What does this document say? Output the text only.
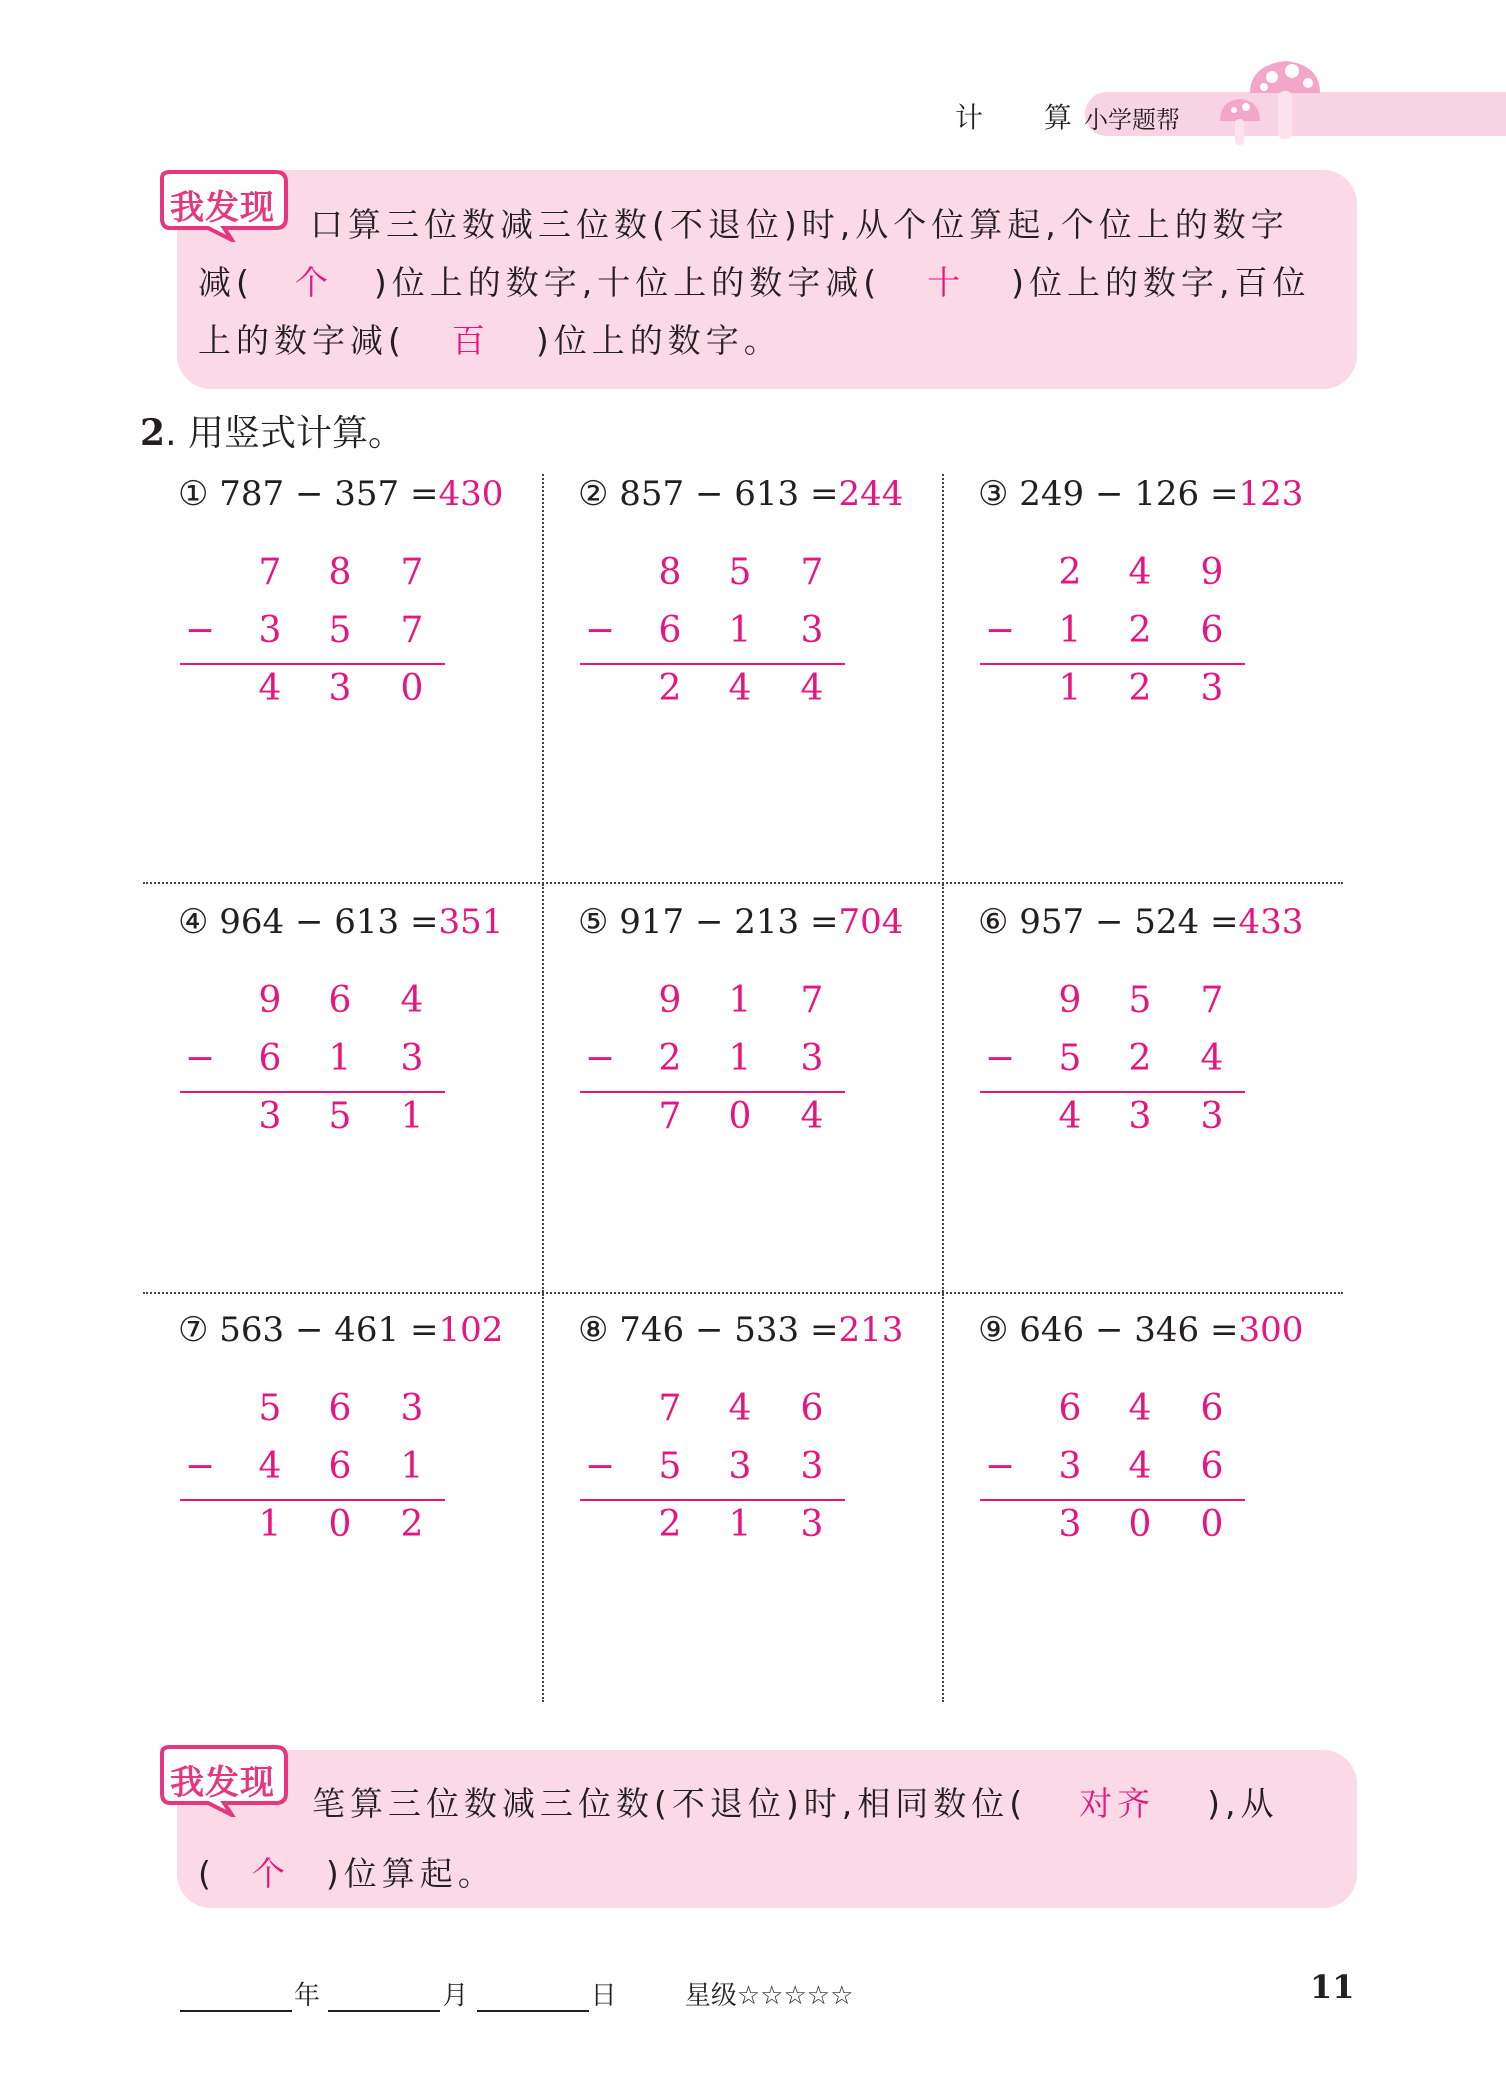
计 算
小学题帮
我发现 口算三位数减三位数(不退位)时,从个位算起,个位上的数字
减( 个 )位上的数字,十位上的数字减( 十 )位上的数字,百位
上的数字减( 百 )位上的数字。
2. 用竖式计算。
① 787 − 357 =430
7 8 7
− 3 5 7
4 3 0
② 857 − 613 =244
8 5 7
− 6 1 3
2 4 4
③ 249 − 126 =123
2 4 9
− 1 2 6
1 2 3
④ 964 − 613 =351
9 6 4
− 6 1 3
3 5 1
⑤ 917 − 213 =704
9 1 7
− 2 1 3
7 0 4
⑥ 957 − 524 =433
9 5 7
− 5 2 4
4 3 3
⑦ 563 − 461 =102
5 6 3
− 4 6 1
1 0 2
⑧ 746 − 533 =213
7 4 6
− 5 3 3
2 1 3
⑨ 646 − 346 =300
6 4 6
− 3 4 6
3 0 0
我发现
笔算三位数减三位数(不退位)时,相同数位( 对齐 ),从
( 个 )位算起。
年	月	日	星级☆☆☆☆☆	11
